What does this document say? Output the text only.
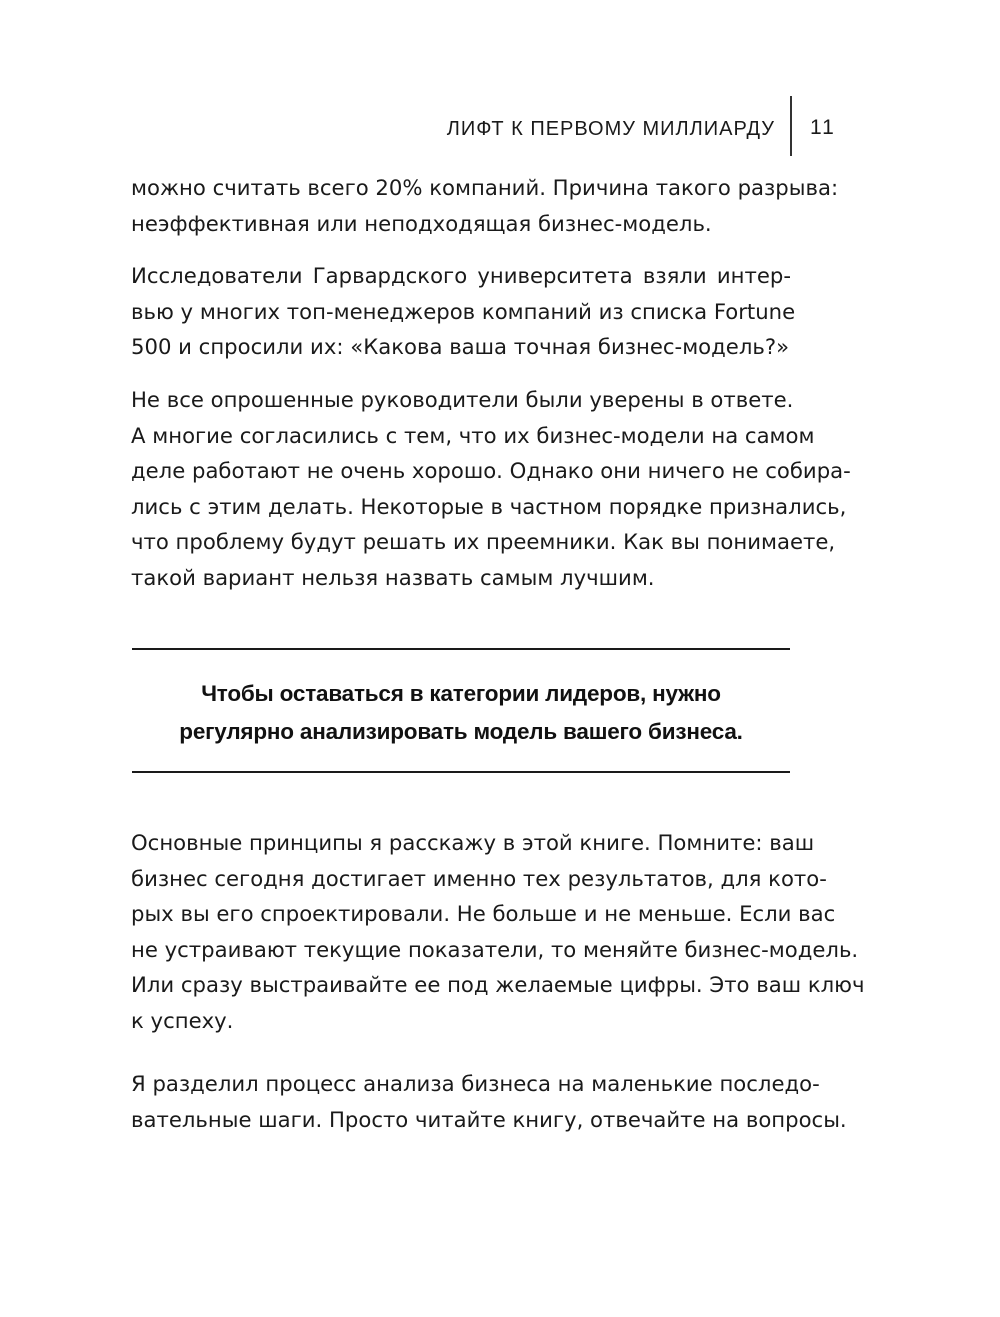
ЛИФТ К ПЕРВОМУ МИЛЛИАРДУ 11
можно считать всего 20% компаний. Причина такого разрыва:
неэффективная или неподходящая бизнес-модель.
Исследователи Гарвардского университета взяли интер-
вью у многих топ-менеджеров компаний из списка Fortune
500 и спросили их: «Какова ваша точная бизнес-модель?»
Не все опрошенные руководители были уверены в ответе.
А многие согласились с тем, что их бизнес-модели на самом
деле работают не очень хорошо. Однако они ничего не собира-
лись с этим делать. Некоторые в частном порядке признались,
что проблему будут решать их преемники. Как вы понимаете,
такой вариант нельзя назвать самым лучшим.
Чтобы оставаться в категории лидеров, нужно
регулярно анализировать модель вашего бизнеса.
Основные принципы я расскажу в этой книге. Помните: ваш
бизнес сегодня достигает именно тех результатов, для кото-
рых вы его спроектировали. Не больше и не меньше. Если вас
не устраивают текущие показатели, то меняйте бизнес-модель.
Или сразу выстраивайте ее под желаемые цифры. Это ваш ключ
к успеху.
Я разделил процесс анализа бизнеса на маленькие последо-
вательные шаги. Просто читайте книгу, отвечайте на вопросы.
